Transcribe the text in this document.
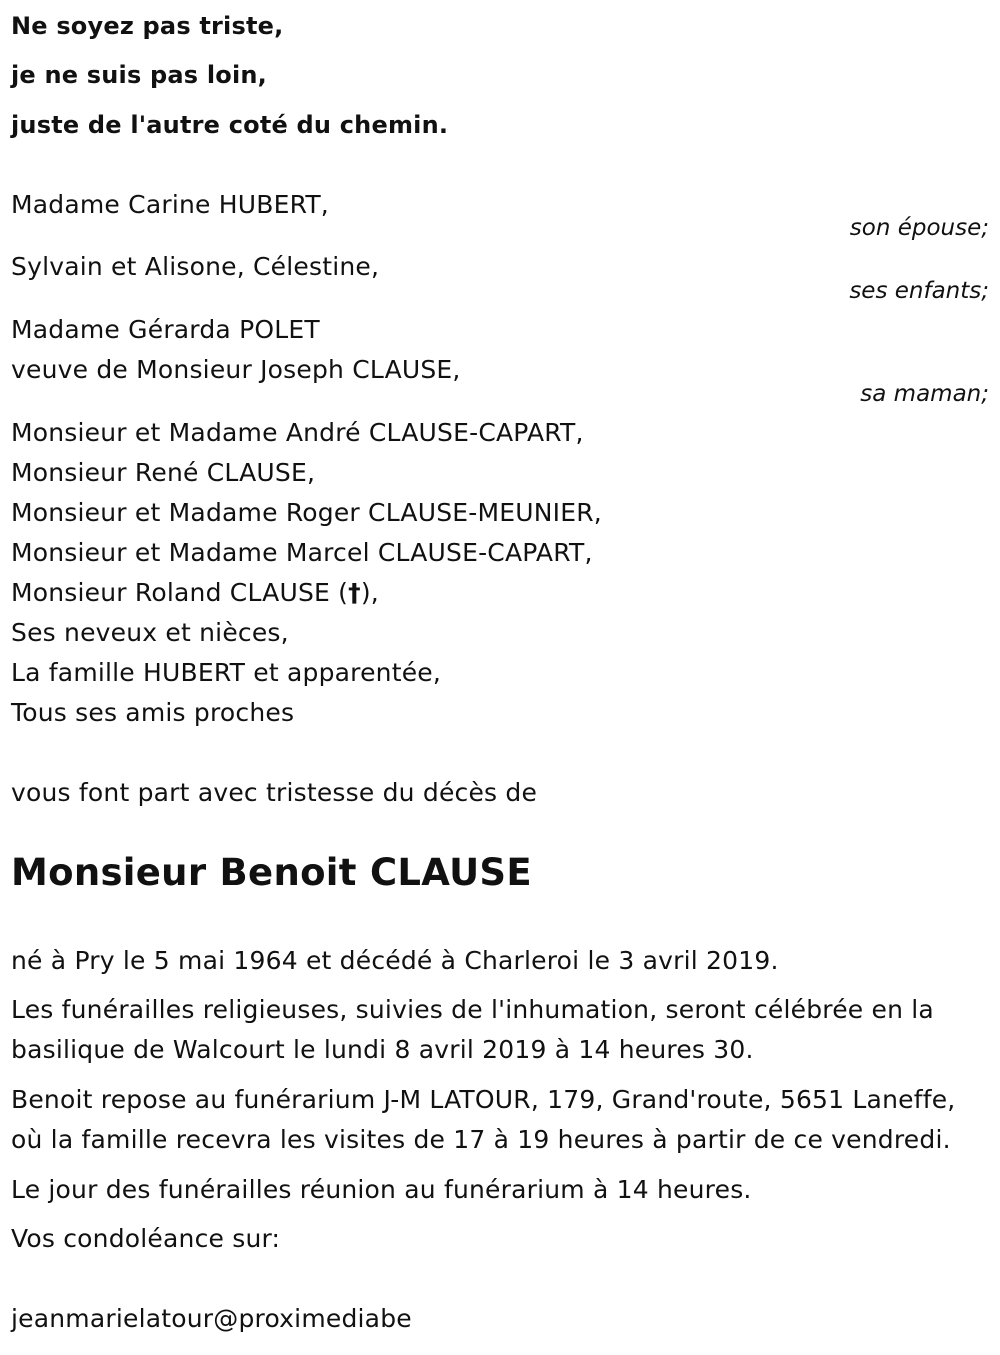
Ne soyez pas triste,
je ne suis pas loin,
juste de l'autre coté du chemin.
Madame Carine HUBERT,
son épouse;
Sylvain et Alisone, Célestine,
ses enfants;
Madame Gérarda POLET
veuve de Monsieur Joseph CLAUSE,
sa maman;
Monsieur et Madame André CLAUSE-CAPART,
Monsieur René CLAUSE,
Monsieur et Madame Roger CLAUSE-MEUNIER,
Monsieur et Madame Marcel CLAUSE-CAPART,
Monsieur Roland CLAUSE (†),
Ses neveux et nièces,
La famille HUBERT et apparentée,
Tous ses amis proches
vous font part avec tristesse du décès de
Monsieur Benoit CLAUSE
né à Pry le 5 mai 1964 et décédé à Charleroi le 3 avril 2019.
Les funérailles religieuses, suivies de l'inhumation, seront célébrée en la
basilique de Walcourt le lundi 8 avril 2019 à 14 heures 30.
Benoit repose au funérarium J-M LATOUR, 179, Grand'route, 5651 Laneffe,
où la famille recevra les visites de 17 à 19 heures à partir de ce vendredi.
Le jour des funérailles réunion au funérarium à 14 heures.
Vos condoléance sur:
jeanmarielatour@proximediabe
